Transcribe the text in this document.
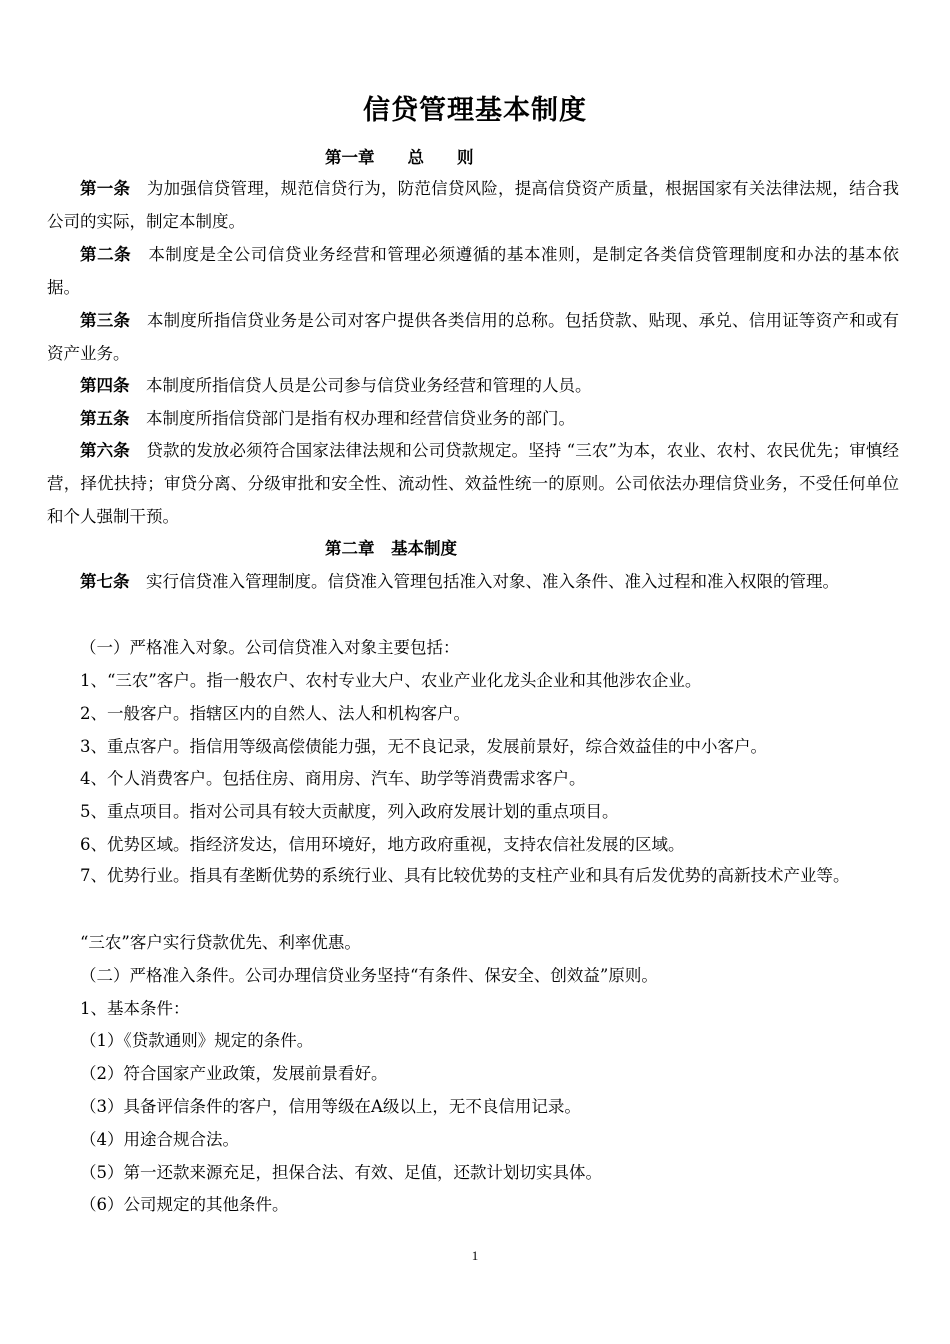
信贷管理基本制度
第一章　　总　　则

第一条　 为加强信贷管理，规范信贷行为，防范信贷风险，提高信贷资产质量，根据国家有关法律法规，结合我公司的实际，制定本制度。

第二条　 本制度是全公司信贷业务经营和管理必须遵循的基本准则，是制定各类信贷管理制度和办法的基本依据。

第三条　 本制度所指信贷业务是公司对客户提供各类信用的总称。包括贷款、贴现、承兑、信用证等资产和或有资产业务。

第四条　 本制度所指信贷人员是公司参与信贷业务经营和管理的人员。

第五条　 本制度所指信贷部门是指有权办理和经营信贷业务的部门。

第六条　 贷款的发放必须符合国家法律法规和公司贷款规定。坚持 “三农”为本，农业、农村、农民优先；审慎经营，择优扶持；审贷分离、分级审批和安全性、流动性、效益性统一的原则。公司依法办理信贷业务，不受任何单位和个人强制干预。

第二章　基本制度

第七条　 实行信贷准入管理制度。信贷准入管理包括准入对象、准入条件、准入过程和准入权限的管理。

（一）严格准入对象。公司信贷准入对象主要包括：

1、“三农”客户。指一般农户、农村专业大户、农业产业化龙头企业和其他涉农企业。

2、一般客户。指辖区内的自然人、法人和机构客户。

3、重点客户。指信用等级高偿债能力强，无不良记录，发展前景好，综合效益佳的中小客户。

4、个人消费客户。包括住房、商用房、汽车、助学等消费需求客户。

5、重点项目。指对公司具有较大贡献度，列入政府发展计划的重点项目。

6、优势区域。指经济发达，信用环境好，地方政府重视，支持农信社发展的区域。

7、优势行业。指具有垄断优势的系统行业、具有比较优势的支柱产业和具有后发优势的高新技术产业等。

“三农”客户实行贷款优先、利率优惠。

（二）严格准入条件。公司办理信贷业务坚持“有条件、保安全、创效益”原则。

1、基本条件：

（1）《贷款通则》规定的条件。

（2）符合国家产业政策，发展前景看好。

（3）具备评信条件的客户，信用等级在A级以上，无不良信用记录。

（4）用途合规合法。

（5）第一还款来源充足，担保合法、有效、足值，还款计划切实具体。

（6）公司规定的其他条件。

1
